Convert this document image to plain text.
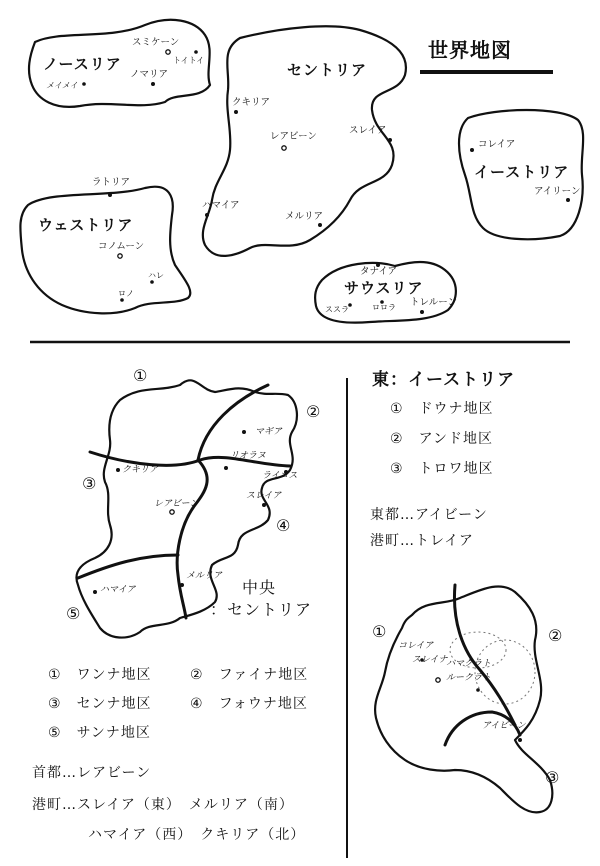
世界地図
ノースリア
スミケーン
トイトイ
ノマリア
メイメイ
セントリア
クキリア
レアビーン
スレイア
ハマイア
メルリア
コレイア
イーストリア
アイリーン
ラトリア
ウェストリア
コノムーン
ハレ
ロノ
タナイア
サウスリア
ススラ	ロロラ トレルーン
①
②
③
④
⑤
マギア
リオラヌ
ライコス
クキリア
レアビーン
スレイア
メルリア
ハマイア	中央
：セントリア
①　 ワンナ地区	②　 ファイナ地区
③　 センナ地区	④　 フォウナ地区
⑤　 サンナ地区
首都…レアビーン
港町…スレイア（東）　メルリア（南）
ハマイア（西）　クキリア（北）
東：イーストリア
①　 ドウナ地区
②　 アンド地区
③　 トロワ地区
東都…アイビーン
港町…トレイア
①	②
③
コレイア
スレイナ
ハマクラト
ルークラト
アイビーン
